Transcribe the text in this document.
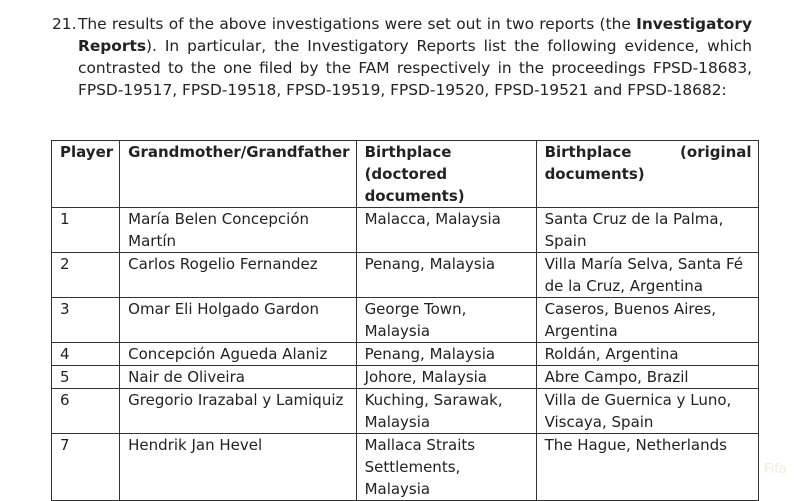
21. The results of the above investigations were set out in two reports (the Investigatory Reports). In particular, the Investigatory Reports list the following evidence, which contrasted to the one filed by the FAM respectively in the proceedings FPSD-18683, FPSD-19517, FPSD-19518, FPSD-19519, FPSD-19520, FPSD-19521 and FPSD-18682:
Player	Grandmother/Grandfather	Birthplace (doctored documents)	Birthplace (original
documents)

1	María Belen Concepción Martín	Malacca, Malaysia	Santa Cruz de la Palma, Spain
2	Carlos Rogelio Fernandez	Penang, Malaysia	Villa María Selva, Santa Fé de la Cruz, Argentina
3	Omar Eli Holgado Gardon	George Town, Malaysia	Caseros, Buenos Aires, Argentina
4	Concepción Agueda Alaniz	Penang, Malaysia	Roldán, Argentina
5	Nair de Oliveira	Johore, Malaysia	Abre Campo, Brazil
6	Gregorio Irazabal y Lamiquiz	Kuching, Sarawak, Malaysia	Villa de Guernica y Luno, Viscaya, Spain
7	Hendrik Jan Hevel	Mallaca Straits Settlements, Malaysia	The Hague, Netherlands
Fifa
